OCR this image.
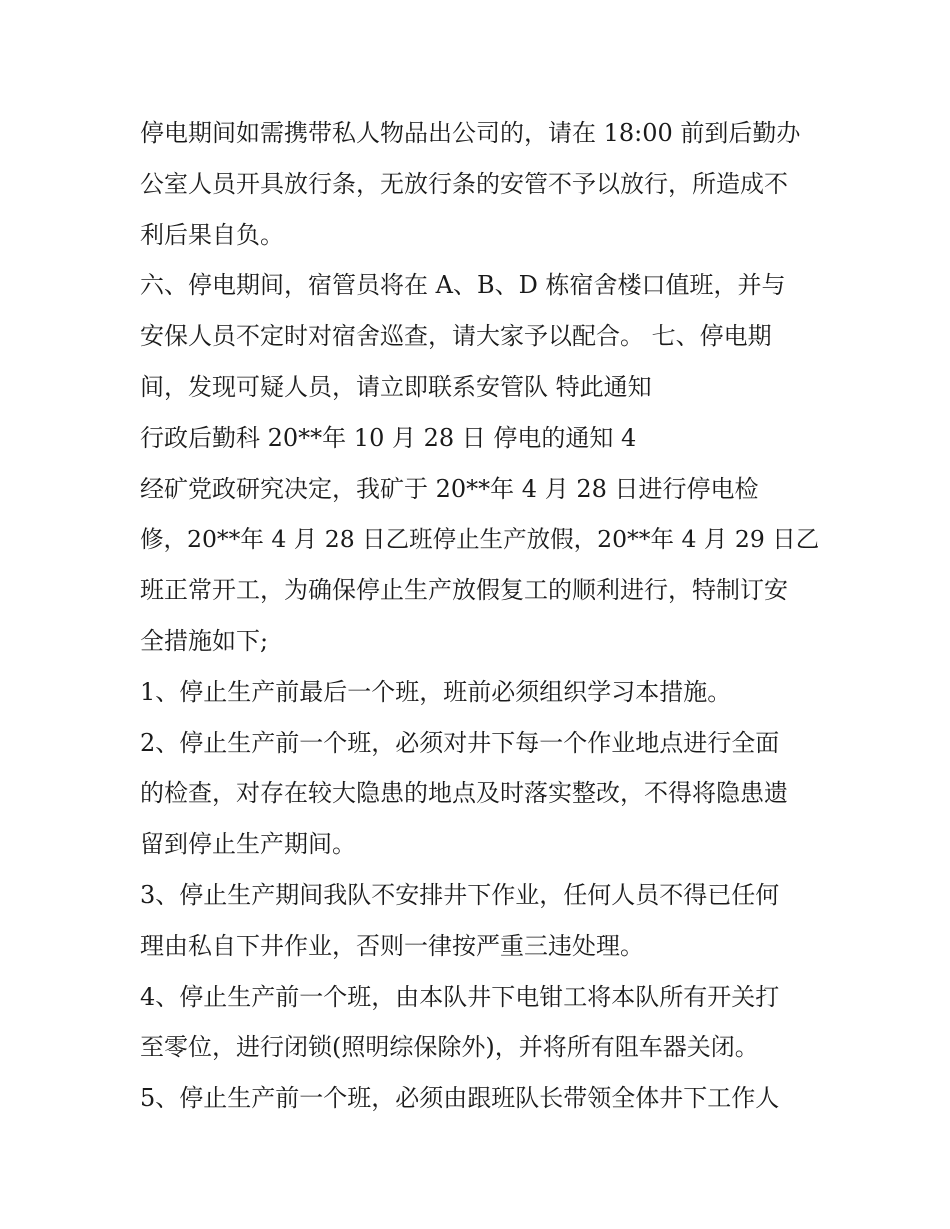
停电期间如需携带私人物品出公司的，请在 18:00 前到后勤办
公室人员开具放行条，无放行条的安管不予以放行，所造成不
利后果自负。
六、停电期间，宿管员将在 A、B、D 栋宿舍楼口值班，并与
安保人员不定时对宿舍巡查，请大家予以配合。 七、停电期
间，发现可疑人员，请立即联系安管队 特此通知
行政后勤科 20**年 10 月 28 日 停电的通知 4
经矿党政研究决定，我矿于 20**年 4 月 28 日进行停电检
修，20**年 4 月 28 日乙班停止生产放假，20**年 4 月 29 日乙
班正常开工，为确保停止生产放假复工的顺利进行，特制订安
全措施如下;
1、停止生产前最后一个班，班前必须组织学习本措施。
2、停止生产前一个班，必须对井下每一个作业地点进行全面
的检查，对存在较大隐患的地点及时落实整改，不得将隐患遗
留到停止生产期间。
3、停止生产期间我队不安排井下作业，任何人员不得已任何
理由私自下井作业，否则一律按严重三违处理。
4、停止生产前一个班，由本队井下电钳工将本队所有开关打
至零位，进行闭锁(照明综保除外)，并将所有阻车器关闭。
5、停止生产前一个班，必须由跟班队长带领全体井下工作人
